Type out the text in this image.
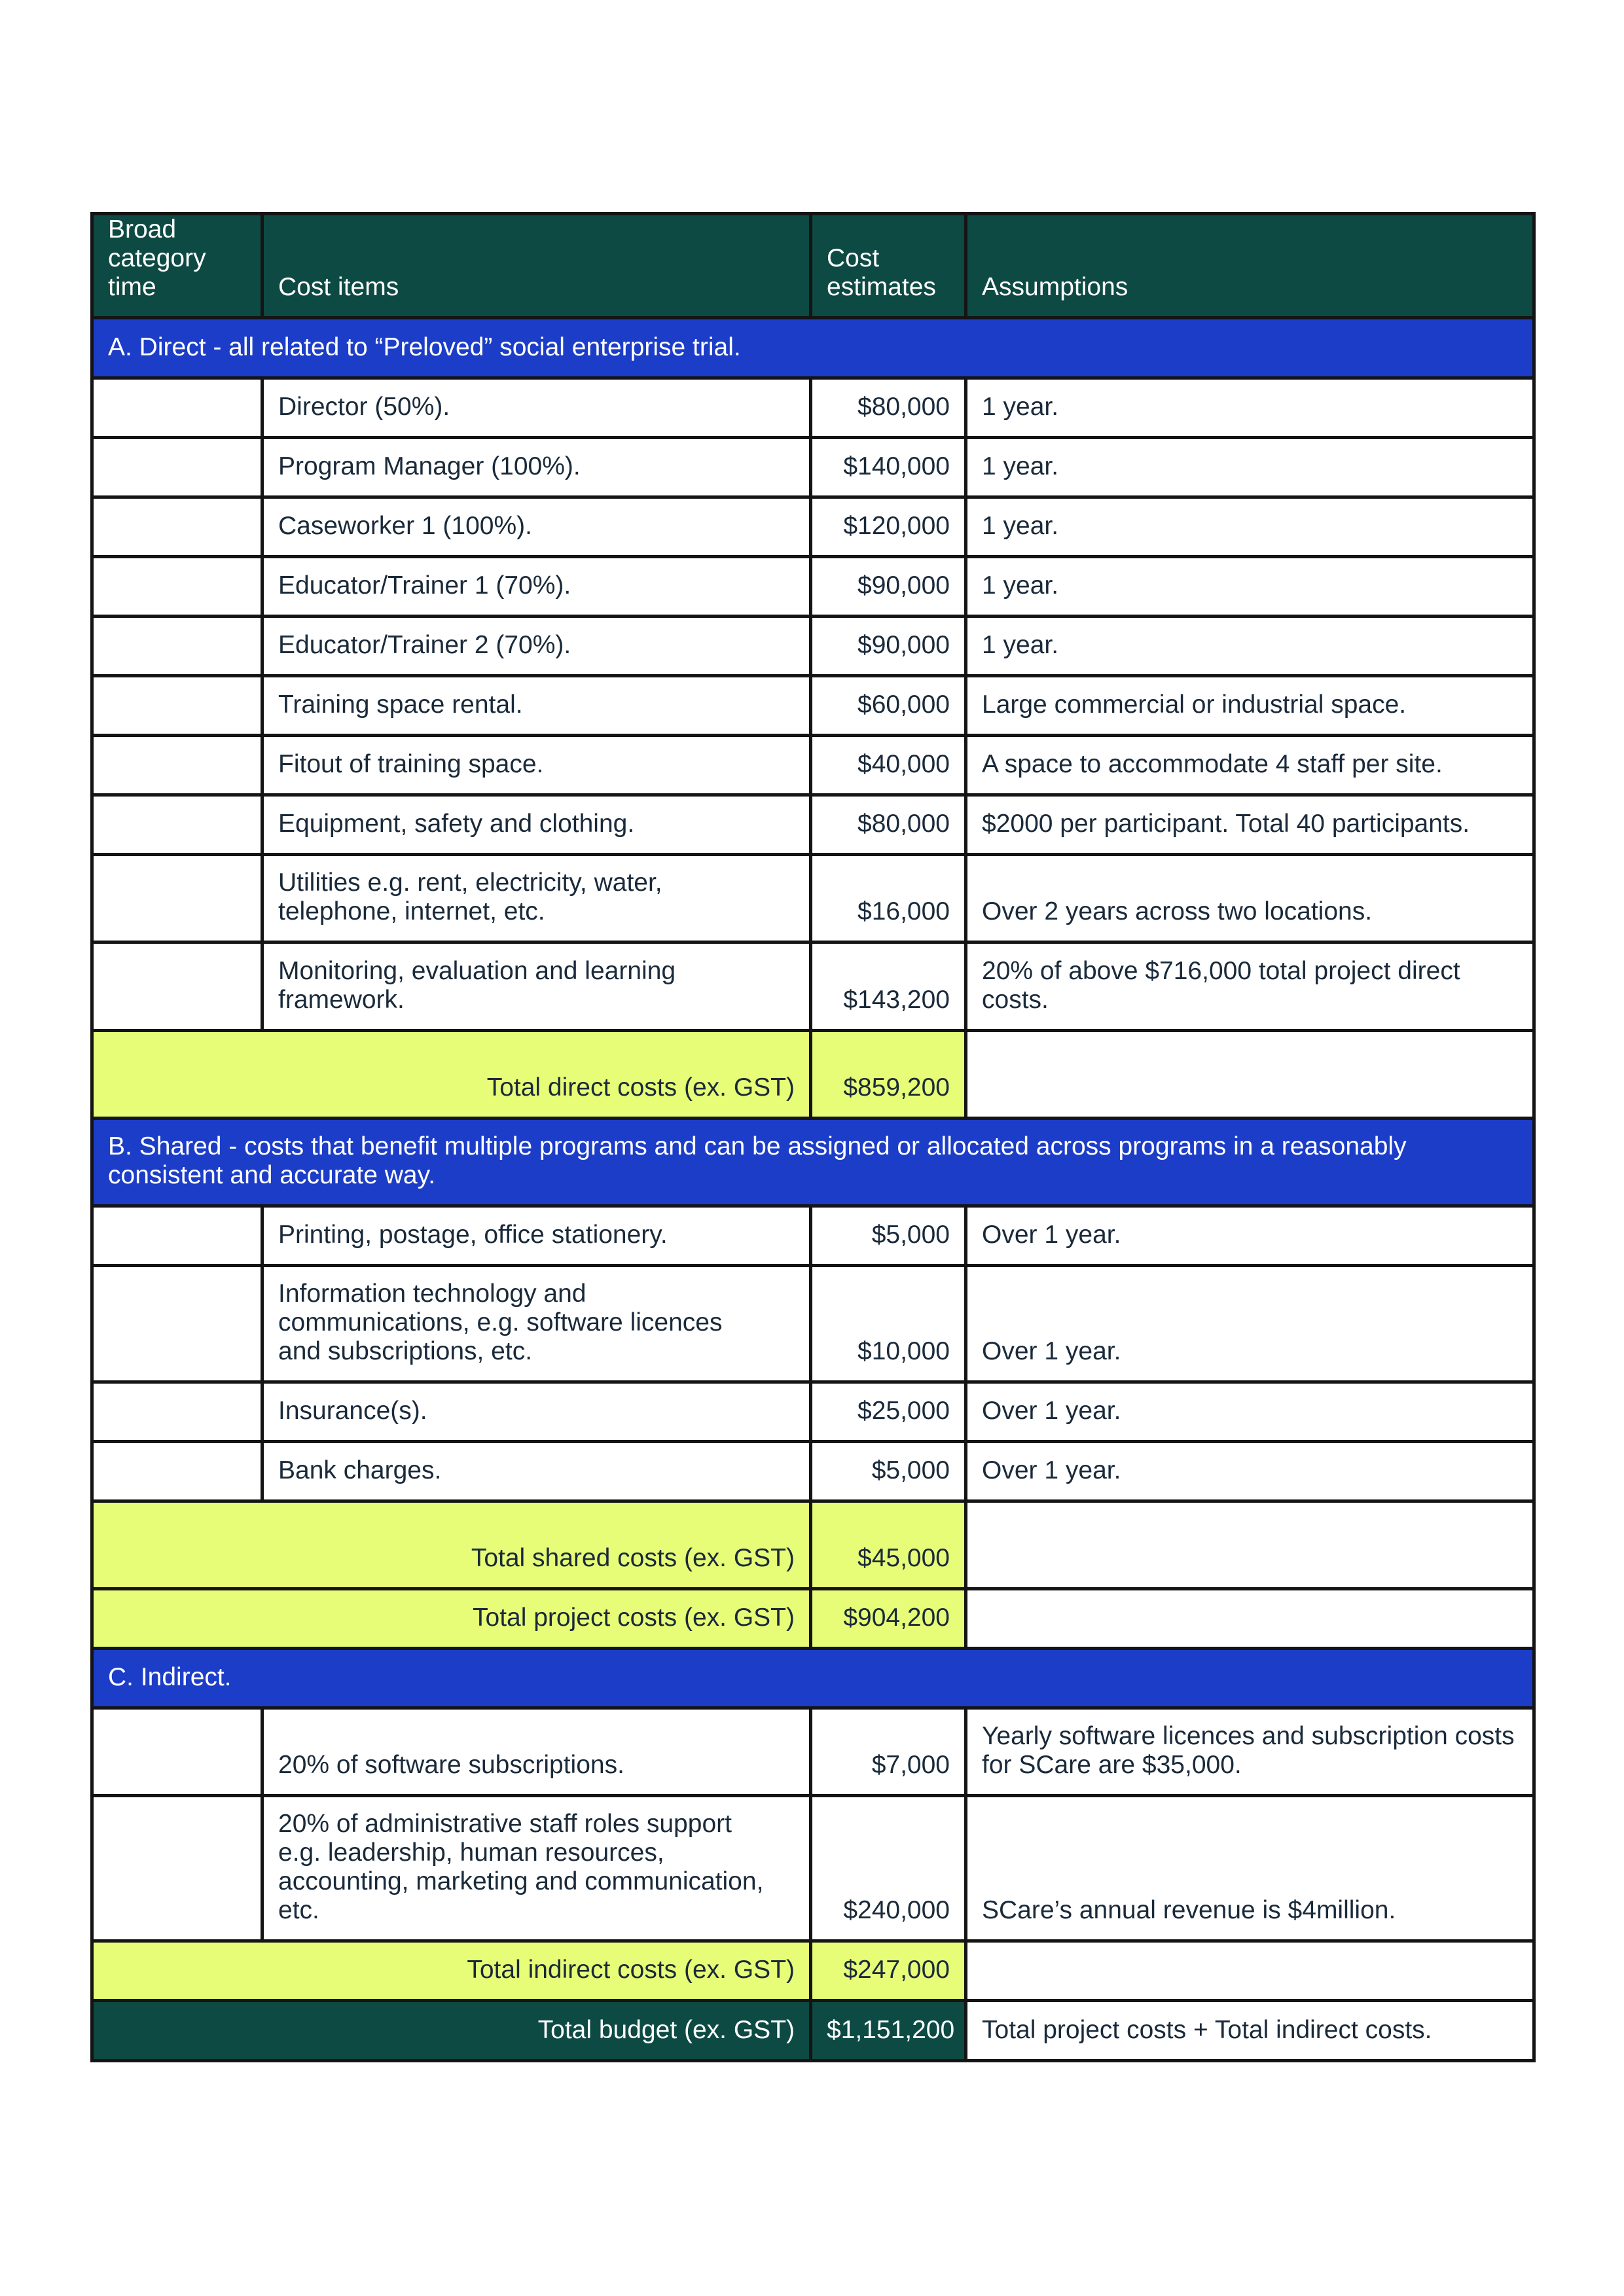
Broad category time	Cost items	Cost estimates	Assumptions
A. Direct - all related to “Preloved” social enterprise trial.			
	Director (50%).	$80,000	1 year.
	Program Manager (100%).	$140,000	1 year.
	Caseworker 1 (100%).	$120,000	1 year.
	Educator/Trainer 1 (70%).	$90,000	1 year.
	Educator/Trainer 2 (70%).	$90,000	1 year.
	Training space rental.	$60,000	Large commercial or industrial space.
	Fitout of training space.	$40,000	A space to accommodate 4 staff per site.
	Equipment, safety and clothing.	$80,000	$2000 per participant. Total 40 participants.
	Utilities e.g. rent, electricity, water, telephone, internet, etc.	$16,000	Over 2 years across two locations.
	Monitoring, evaluation and learning framework.	$143,200	20% of above $716,000 total project direct costs.
Total direct costs (ex. GST)		$859,200	
B. Shared - costs that benefit multiple programs and can be assigned or allocated across programs in a reasonably consistent and accurate way.			
	Printing, postage, office stationery.	$5,000	Over 1 year.
	Information technology and communications, e.g. software licences and subscriptions, etc.	$10,000	Over 1 year.
	Insurance(s).	$25,000	Over 1 year.
	Bank charges.	$5,000	Over 1 year.
Total shared costs (ex. GST)		$45,000	
Total project costs (ex. GST)		$904,200	
C. Indirect.			
	20% of software subscriptions.	$7,000	Yearly software licences and subscription costs for SCare are $35,000.
	20% of administrative staff roles support e.g. leadership, human resources, accounting, marketing and communication, etc.	$240,000	SCare’s annual revenue is $4million.
Total indirect costs (ex. GST)		$247,000	
Total budget (ex. GST)		$1,151,200	Total project costs + Total indirect costs.
